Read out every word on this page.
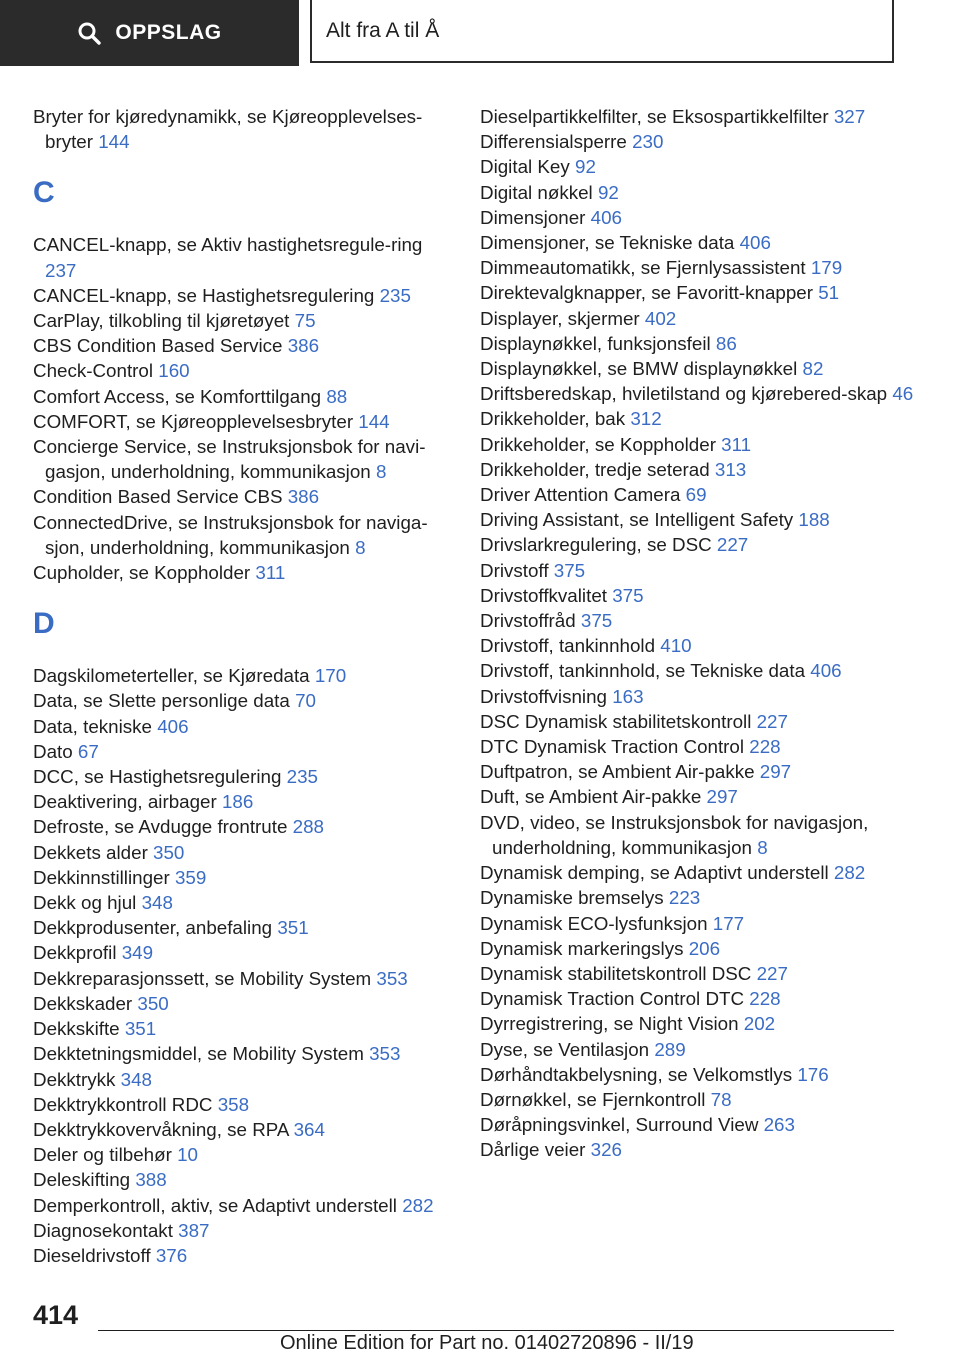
OPPSLAG	Alt fra A til Å
Bryter for kjøredynamikk, se Kjøreopplevelses-bryter 144
C
CANCEL-knapp, se Aktiv hastighetsregule-ring 237
CANCEL-knapp, se Hastighetsregulering 235
CarPlay, tilkobling til kjøretøyet 75
CBS Condition Based Service 386
Check-Control 160
Comfort Access, se Komforttilgang 88
COMFORT, se Kjøreopplevelsesbryter 144
Concierge Service, se Instruksjonsbok for navi-gasjon, underholdning, kommunikasjon 8
Condition Based Service CBS 386
ConnectedDrive, se Instruksjonsbok for naviga-sjon, underholdning, kommunikasjon 8
Cupholder, se Koppholder 311
D
Dagskilometerteller, se Kjøredata 170
Data, se Slette personlige data 70
Data, tekniske 406
Dato 67
DCC, se Hastighetsregulering 235
Deaktivering, airbager 186
Defroste, se Avdugge frontrute 288
Dekkets alder 350
Dekkinnstillinger 359
Dekk og hjul 348
Dekkprodusenter, anbefaling 351
Dekkprofil 349
Dekkreparasjonssett, se Mobility System 353
Dekkskader 350
Dekkskifte 351
Dekktetningsmiddel, se Mobility System 353
Dekktrykk 348
Dekktrykkontroll RDC 358
Dekktrykkovervåkning, se RPA 364
Deler og tilbehør 10
Deleskifting 388
Demperkontroll, aktiv, se Adaptivt understell 282
Diagnosekontakt 387
Dieseldrivstoff 376
Dieselpartikkelfilter, se Eksospartikkelfilter 327
Differensialsperre 230
Digital Key 92
Digital nøkkel 92
Dimensjoner 406
Dimensjoner, se Tekniske data 406
Dimmeautomatikk, se Fjernlysassistent 179
Direktevalgknapper, se Favoritt-knapper 51
Displayer, skjermer 402
Displaynøkkel, funksjonsfeil 86
Displaynøkkel, se BMW displaynøkkel 82
Driftsberedskap, hviletilstand og kjørebered-skap 46
Drikkeholder, bak 312
Drikkeholder, se Koppholder 311
Drikkeholder, tredje seterad 313
Driver Attention Camera 69
Driving Assistant, se Intelligent Safety 188
Drivslarkregulering, se DSC 227
Drivstoff 375
Drivstoffkvalitet 375
Drivstoffråd 375
Drivstoff, tankinnhold 410
Drivstoff, tankinnhold, se Tekniske data 406
Drivstoffvisning 163
DSC Dynamisk stabilitetskontroll 227
DTC Dynamisk Traction Control 228
Duftpatron, se Ambient Air-pakke 297
Duft, se Ambient Air-pakke 297
DVD, video, se Instruksjonsbok for navigasjon, underholdning, kommunikasjon 8
Dynamisk demping, se Adaptivt understell 282
Dynamiske bremselys 223
Dynamisk ECO-lysfunksjon 177
Dynamisk markeringslys 206
Dynamisk stabilitetskontroll DSC 227
Dynamisk Traction Control DTC 228
Dyrregistrering, se Night Vision 202
Dyse, se Ventilasjon 289
Dørhåndtakbelysning, se Velkomstlys 176
Dørnøkkel, se Fjernkontroll 78
Døråpningsvinkel, Surround View 263
Dårlige veier 326
414
Online Edition for Part no. 01402720896 - II/19
